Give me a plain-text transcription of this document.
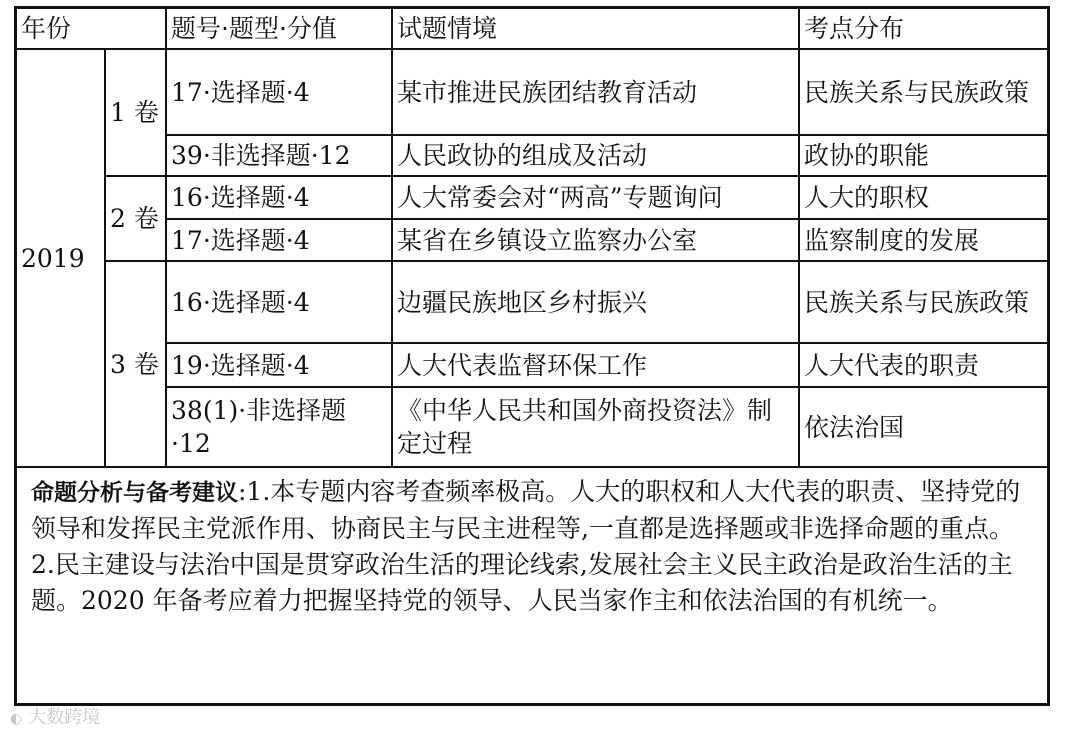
年份		题号·题型·分值	试题情境	考点分布
2019	1 卷	17·选择题·4	某市推进民族团结教育活动	民族关系与民族政策
		39·非选择题·12	人民政协的组成及活动	政协的职能
	2 卷	16·选择题·4	人大常委会对“两高”专题询问	人大的职权
		17·选择题·4	某省在乡镇设立监察办公室	监察制度的发展
	3 卷	16·选择题·4	边疆民族地区乡村振兴	民族关系与民族政策
		19·选择题·4	人大代表监督环保工作	人大代表的职责
		38(1)·非选择题·12	《中华人民共和国外商投资法》制定过程	依法治国
命题分析与备考建议:1.本专题内容考查频率极高。人大的职权和人大代表的职责、坚持党的领导和发挥民主党派作用、协商民主与民主进程等,一直都是选择题或非选择命题的重点。
2.民主建设与法治中国是贯穿政治生活的理论线索,发展社会主义民主政治是政治生活的主题。2020 年备考应着力把握坚持党的领导、人民当家作主和依法治国的有机统一。
◐ 大数跨境
